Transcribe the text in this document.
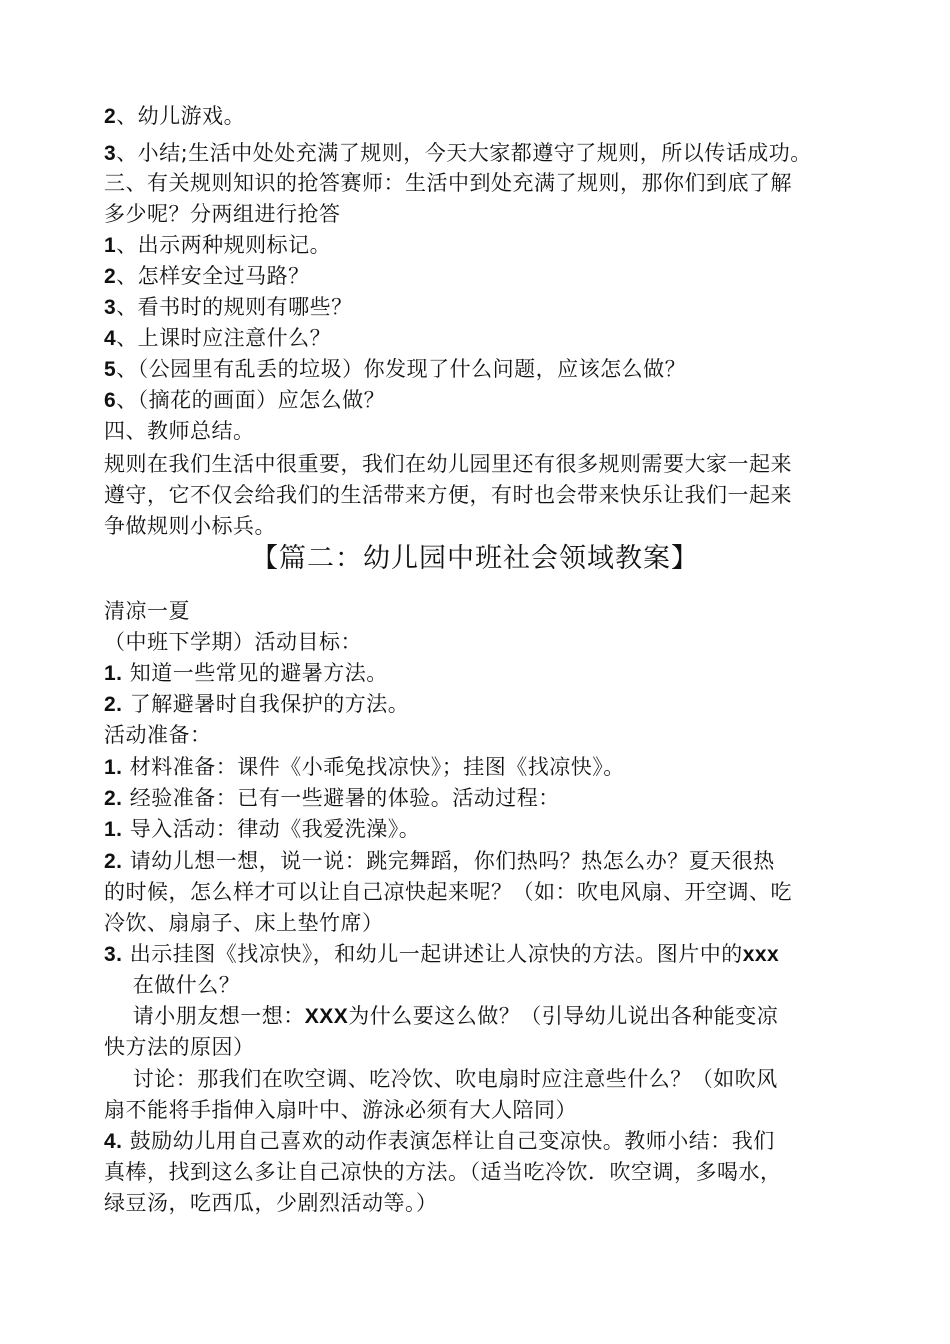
2、幼儿游戏。
3、小结;生活中处处充满了规则，今天大家都遵守了规则，所以传话成功。
三、有关规则知识的抢答赛师：生活中到处充满了规则，那你们到底了解
多少呢？分两组进行抢答
1、出示两种规则标记。
2、怎样安全过马路？
3、看书时的规则有哪些？
4、上课时应注意什么？
5、（公园里有乱丢的垃圾）你发现了什么问题，应该怎么做？
6、（摘花的画面）应怎么做？
四、教师总结。
规则在我们生活中很重要，我们在幼儿园里还有很多规则需要大家一起来
遵守，它不仅会给我们的生活带来方便，有时也会带来快乐让我们一起来
争做规则小标兵。
【篇二：幼儿园中班社会领域教案】
清凉一夏
（中班下学期）活动目标：
1. 知道一些常见的避暑方法。
2. 了解避暑时自我保护的方法。
活动准备：
1. 材料准备：课件《小乖兔找凉快》；挂图《找凉快》。
2. 经验准备：已有一些避暑的体验。活动过程：
1. 导入活动：律动《我爱洗澡》。
2. 请幼儿想一想，说一说：跳完舞蹈，你们热吗？热怎么办？夏天很热
的时候，怎么样才可以让自己凉快起来呢？（如：吹电风扇、开空调、吃
冷饮、扇扇子、床上垫竹席）
3. 出示挂图《找凉快》，和幼儿一起讲述让人凉快的方法。图片中的xxx
在做什么？
请小朋友想一想：XXX为什么要这么做？（引导幼儿说出各种能变凉
快方法的原因）
讨论：那我们在吹空调、吃冷饮、吹电扇时应注意些什么？（如吹风
扇不能将手指伸入扇叶中、游泳必须有大人陪同）
4. 鼓励幼儿用自己喜欢的动作表演怎样让自己变凉快。教师小结：我们
真棒，找到这么多让自己凉快的方法。（适当吃冷饮．吹空调，多喝水，
绿豆汤，吃西瓜，少剧烈活动等。）
